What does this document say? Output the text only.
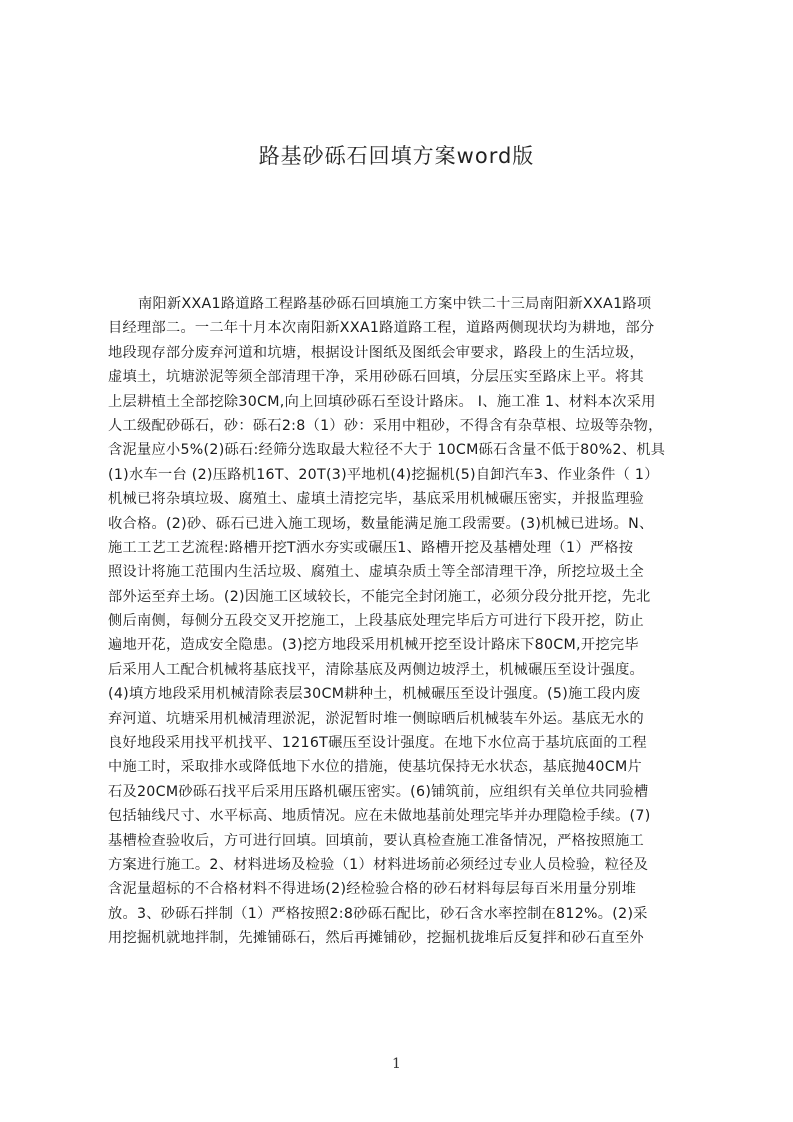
路基砂砾石回填方案word版
南阳新XXA1路道路工程路基砂砾石回填施工方案中铁二十三局南阳新XXA1路项
目经理部二。一二年十月本次南阳新XXA1路道路工程，道路两侧现状均为耕地，部分
地段现存部分废弃河道和坑塘，根据设计图纸及图纸会审要求，路段上的生活垃圾，
虚填土，坑塘淤泥等须全部清理干净，采用砂砾石回填，分层压实至路床上平。将其
上层耕植土全部挖除30CM,向上回填砂砾石至设计路床。 I、施工准 1、材料本次采用
人工级配砂砾石，砂：砾石2:8（1）砂：采用中粗砂，不得含有杂草根、垃圾等杂物，
含泥量应小5%(2)砾石:经筛分选取最大粒径不大于 10CM砾石含量不低于80%2、机具
(1)水车一台 (2)压路机16T、20T(3)平地机(4)挖掘机(5)自卸汽车3、作业条件（ 1）
机械已将杂填垃圾、腐殖土、虚填土清挖完毕，基底采用机械碾压密实，并报监理验
收合格。(2)砂、砾石已进入施工现场，数量能满足施工段需要。(3)机械已进场。N、
施工工艺工艺流程:路槽开挖T洒水夯实或碾压1、路槽开挖及基槽处理（1）严格按
照设计将施工范围内生活垃圾、腐殖土、虚填杂质土等全部清理干净，所挖垃圾土全
部外运至弃土场。(2)因施工区域较长，不能完全封闭施工，必须分段分批开挖，先北
侧后南侧，每侧分五段交叉开挖施工，上段基底处理完毕后方可进行下段开挖，防止
遍地开花，造成安全隐患。(3)挖方地段采用机械开挖至设计路床下80CM,开挖完毕
后采用人工配合机械将基底找平，清除基底及两侧边坡浮土，机械碾压至设计强度。
(4)填方地段采用机械清除表层30CM耕种土，机械碾压至设计强度。(5)施工段内废
弃河道、坑塘采用机械清理淤泥，淤泥暂时堆一侧晾晒后机械装车外运。基底无水的
良好地段采用找平机找平、1216T碾压至设计强度。在地下水位高于基坑底面的工程
中施工时，采取排水或降低地下水位的措施，使基坑保持无水状态，基底抛40CM片
石及20CM砂砾石找平后采用压路机碾压密实。(6)铺筑前，应组织有关单位共同验槽
包括轴线尺寸、水平标高、地质情况。应在未做地基前处理完毕并办理隐检手续。(7)
基槽检查验收后，方可进行回填。回填前，要认真检查施工准备情况，严格按照施工
方案进行施工。2、材料进场及检验（1）材料进场前必须经过专业人员检验，粒径及
含泥量超标的不合格材料不得进场(2)经检验合格的砂石材料每层每百米用量分别堆
放。3、砂砾石拌制（1）严格按照2:8砂砾石配比，砂石含水率控制在812%。(2)采
用挖掘机就地拌制，先摊铺砾石，然后再摊铺砂，挖掘机拢堆后反复拌和砂石直至外
1
